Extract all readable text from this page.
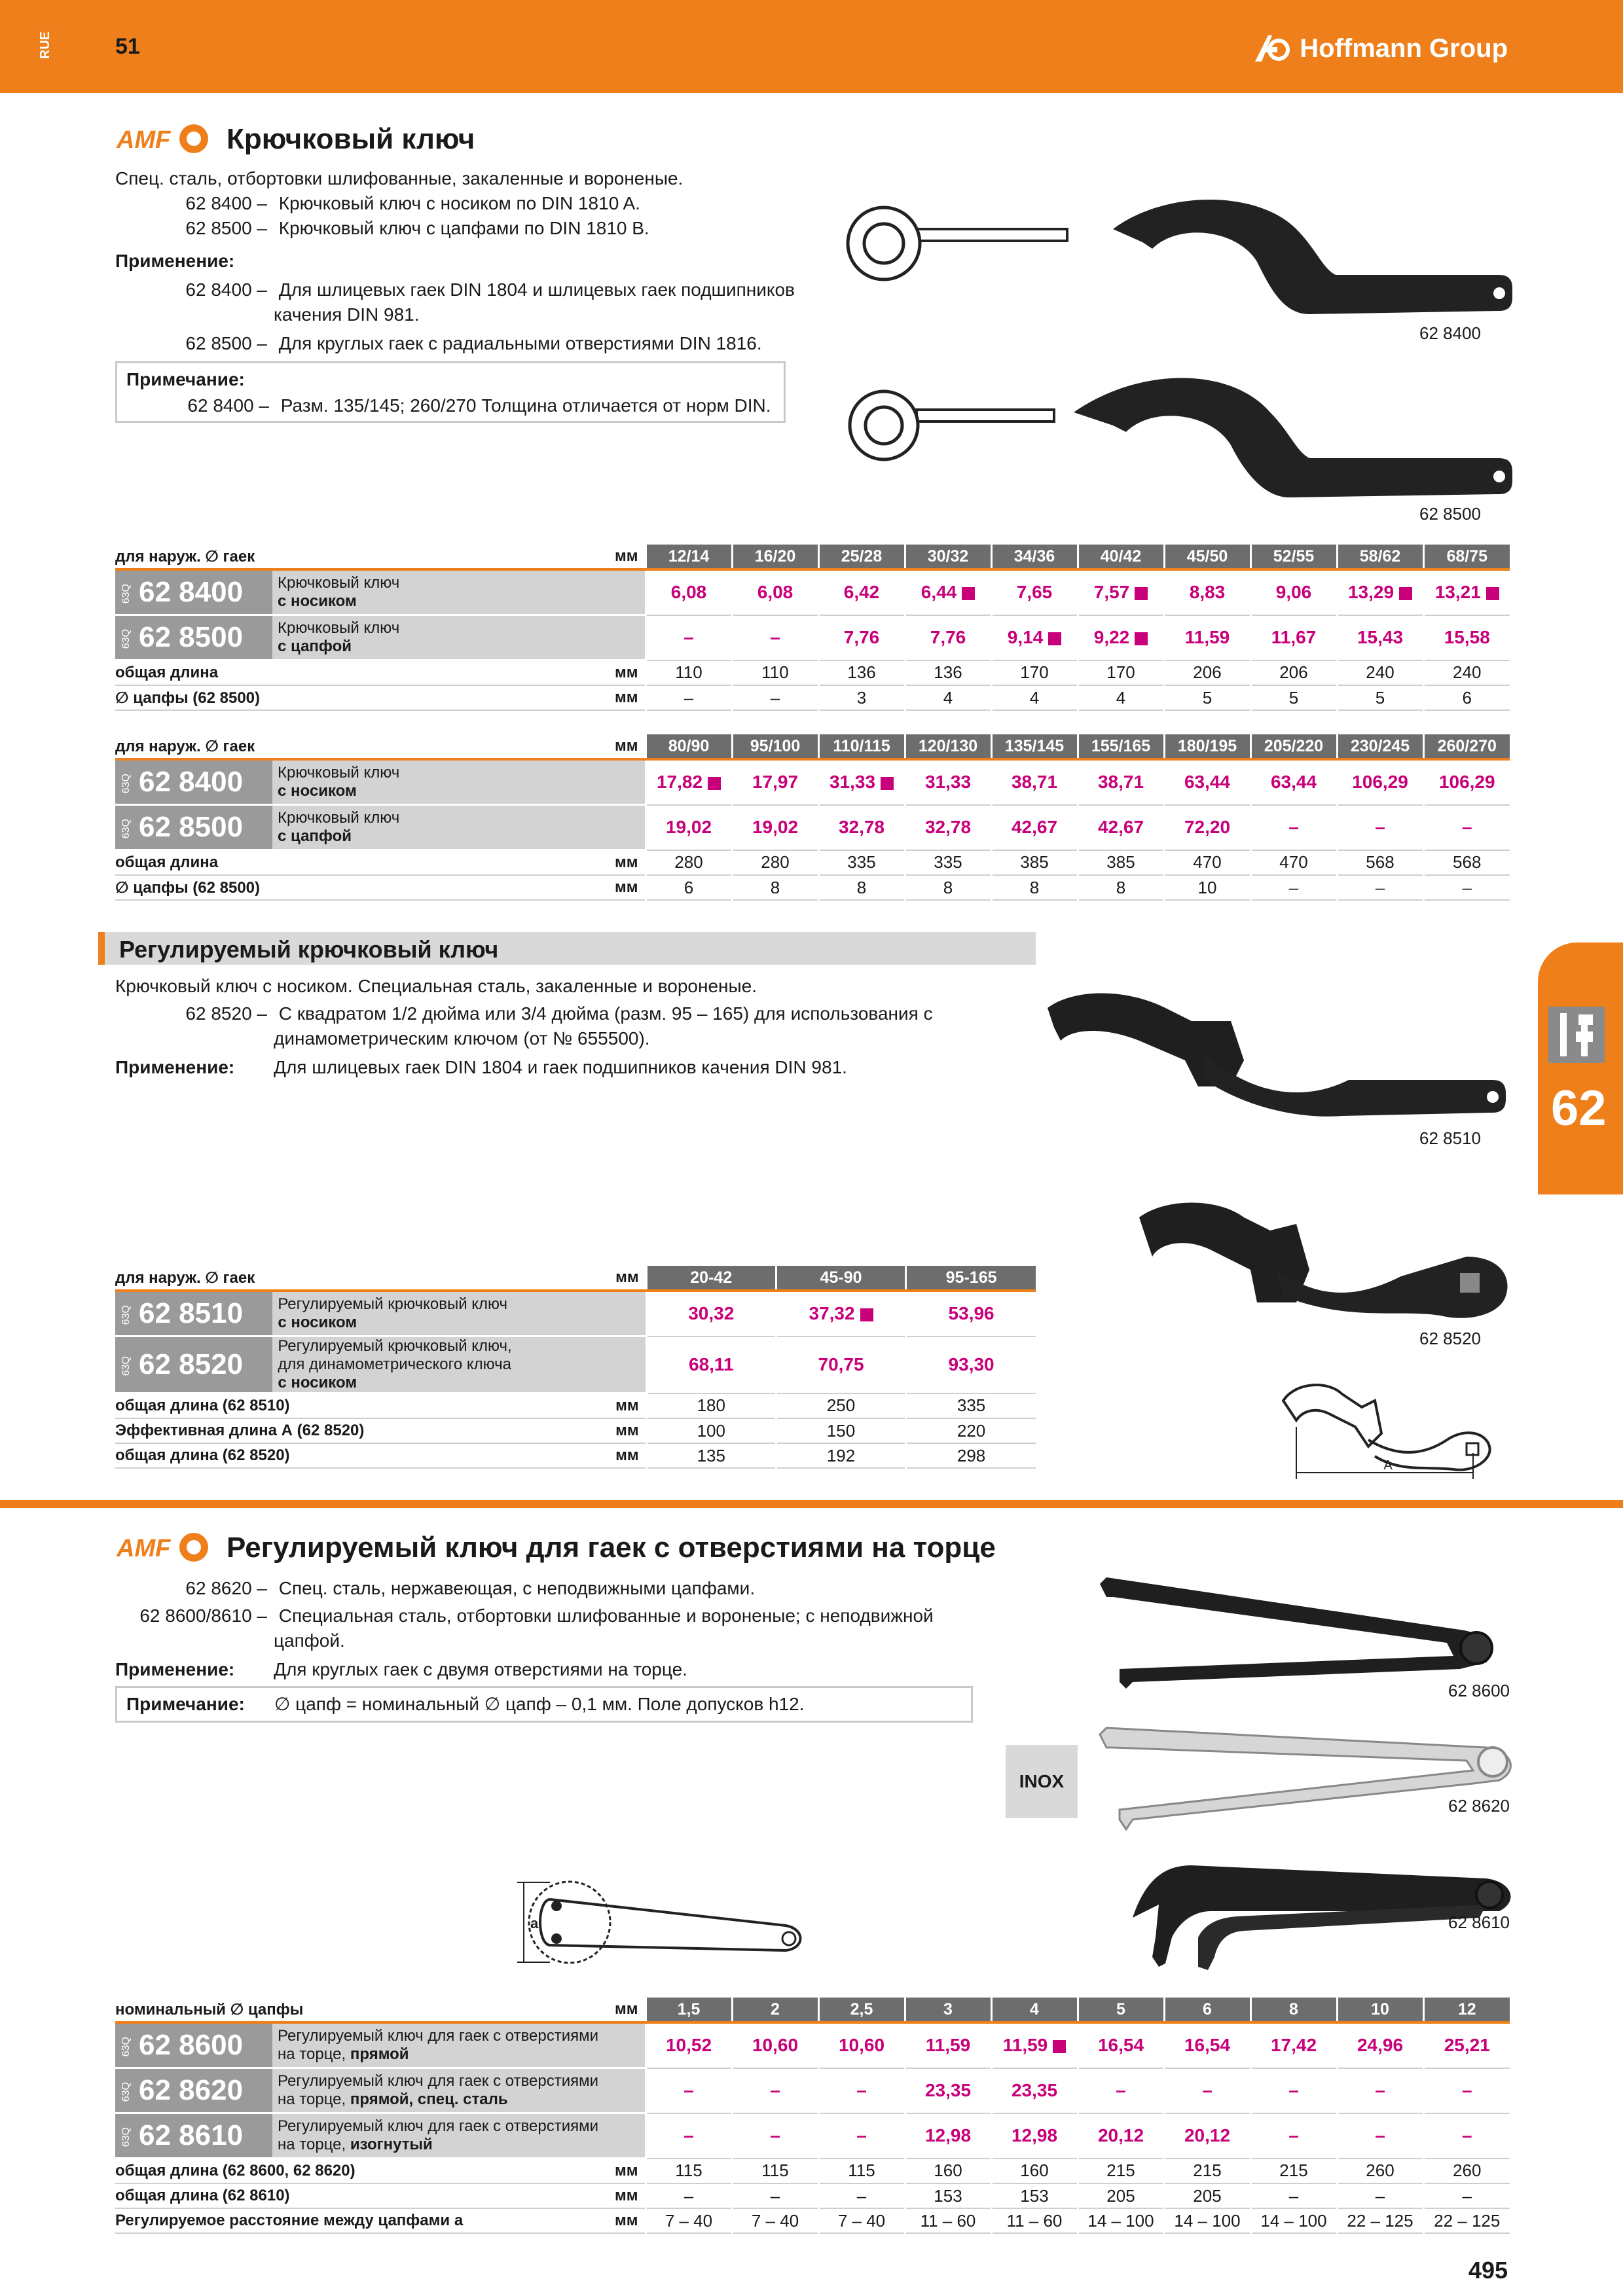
RUE	51	Hoffmann Group
AMF Крючковый ключ
Спец. сталь, отбортовки шлифованные, закаленные и вороненые.
62 8400 – Крючковый ключ с носиком по DIN 1810 A.
62 8500 – Крючковый ключ с цапфами по DIN 1810 B.
Применение:
62 8400 – Для шлицевых гаек DIN 1804 и шлицевых гаек подшипников
качения DIN 981.
62 8500 – Для круглых гаек с радиальными отверстиями DIN 1816.
Примечание:
62 8400 – Разм. 135/145; 260/270 Толщина отличается от норм DIN.
62 8400
62 8500
для наруж. ∅ гаек		мм	12/14	16/20	25/28	30/32	34/36	40/42	45/50	52/55	58/62	68/75
63Q 62 8400	Крючковый ключ
с носиком		6,08	6,08	6,42	6,44	7,65	7,57	8,83	9,06	13,29	13,21
63Q 62 8500	Крючковый ключ
с цапфой		–	–	7,76	7,76	9,14	9,22	11,59	11,67	15,43	15,58
общая длина		мм	110	110	136	136	170	170	206	206	240	240
∅ цапфы (62 8500)		мм	–	–	3	4	4	4	5	5	5	6
для наруж. ∅ гаек		мм	80/90	95/100	110/115	120/130	135/145	155/165	180/195	205/220	230/245	260/270
63Q 62 8400	Крючковый ключ
с носиком		17,82	17,97	31,33	31,33	38,71	38,71	63,44	63,44	106,29	106,29
63Q 62 8500	Крючковый ключ
с цапфой		19,02	19,02	32,78	32,78	42,67	42,67	72,20	–	–	–
общая длина		мм	280	280	335	335	385	385	470	470	568	568
∅ цапфы (62 8500)		мм	6	8	8	8	8	8	10	–	–	–
Регулируемый крючковый ключ
Крючковый ключ с носиком. Специальная сталь, закаленные и вороненые.
62 8520 – С квадратом 1/2 дюйма или 3/4 дюйма (разм. 95 – 165) для использования с
динамометрическим ключом (от № 655500).
Применение: Для шлицевых гаек DIN 1804 и гаек подшипников качения DIN 981.
62 8510
62 8520
A
для наруж. ∅ гаек		мм	20-42	45-90	95-165
63Q 62 8510	Регулируемый крючковый ключ
с носиком		30,32	37,32	53,96
63Q 62 8520	Регулируемый крючковый ключ,
для динамометрического ключа
с носиком		68,11	70,75	93,30
общая длина (62 8510)		мм	180	250	335
Эффективная длина А (62 8520)		мм	100	150	220
общая длина (62 8520)		мм	135	192	298
AMF Регулируемый ключ для гаек с отверстиями на торце
62 8620 – Спец. сталь, нержавеющая, с неподвижными цапфами.
62 8600/8610 – Специальная сталь, отбортовки шлифованные и вороненые; с неподвижной
цапфой.
Применение: Для круглых гаек с двумя отверстиями на торце.
Примечание: ∅ цапф = номинальный ∅ цапф – 0,1 мм. Поле допусков h12.
INOX
62 8600
62 8620
62 8610
a
номинальный ∅ цапфы		мм	1,5	2	2,5	3	4	5	6	8	10	12
63Q 62 8600	Регулируемый ключ для гаек с отверстиями
на торце, прямой		10,52	10,60	10,60	11,59	11,59	16,54	16,54	17,42	24,96	25,21
63Q 62 8620	Регулируемый ключ для гаек с отверстиями
на торце, прямой, спец. сталь		–	–	–	23,35	23,35	–	–	–	–	–
63Q 62 8610	Регулируемый ключ для гаек с отверстиями
на торце, изогнутый		–	–	–	12,98	12,98	20,12	20,12	–	–	–
общая длина (62 8600, 62 8620)		мм	115	115	115	160	160	215	215	215	260	260
общая длина (62 8610)		мм	–	–	–	153	153	205	205	–	–	–
Регулируемое расстояние между цапфами a		мм	7 – 40	7 – 40	7 – 40	11 – 60	11 – 60	14 – 100	14 – 100	14 – 100	22 – 125	22 – 125
62
495
